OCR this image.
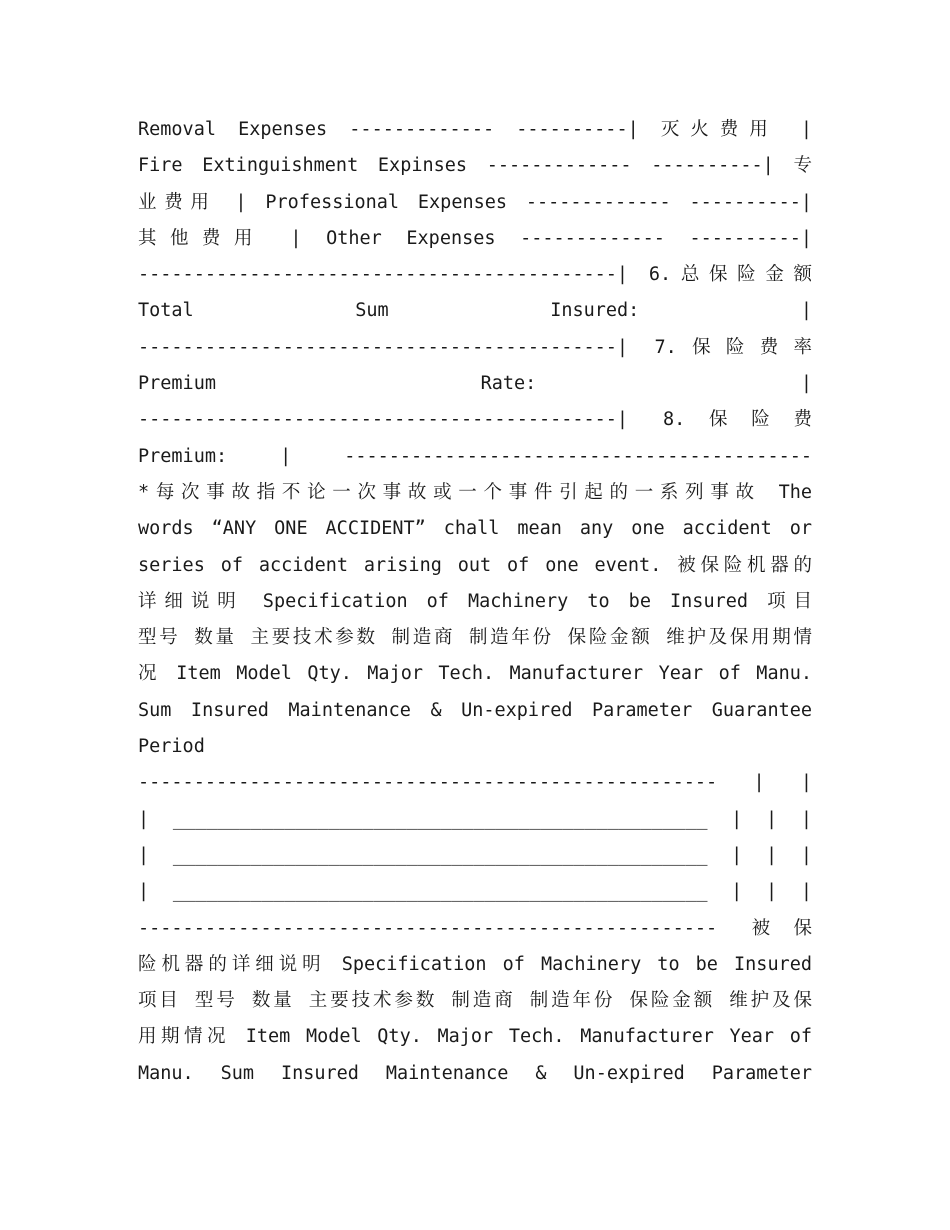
Removal Expenses ------------- ----------| 灭火费用 |
Fire Extinguishment Expinses ------------- ----------| 专
业费用 | Professional Expenses ------------- ----------|
其他费用 | Other Expenses ------------- ----------|
-------------------------------------------| 6.总保险金额
Total Sum Insured: |
-------------------------------------------| 7.保险费率
Premium Rate: |
-------------------------------------------| 8.保险费
Premium: | ------------------------------------------
*每次事故指不论一次事故或一个事件引起的一系列事故 The
words “ANY ONE ACCIDENT” chall mean any one accident or
series of accident arising out of one event. 被保险机器的
详细说明 Specification of Machinery to be Insured 项目
型号 数量 主要技术参数 制造商 制造年份 保险金额 维护及保用期情
况 Item Model Qty. Major Tech. Manufacturer Year of Manu.
Sum Insured Maintenance & Un-expired Parameter Guarantee
Period
---------------------------------------------------- | |
| ________________________________________________ | | |
| ________________________________________________ | | |
| ________________________________________________ | | |
---------------------------------------------------- 被保
险机器的详细说明 Specification of Machinery to be Insured
项目 型号 数量 主要技术参数 制造商 制造年份 保险金额 维护及保
用期情况 Item Model Qty. Major Tech. Manufacturer Year of
Manu. Sum Insured Maintenance & Un-expired Parameter
